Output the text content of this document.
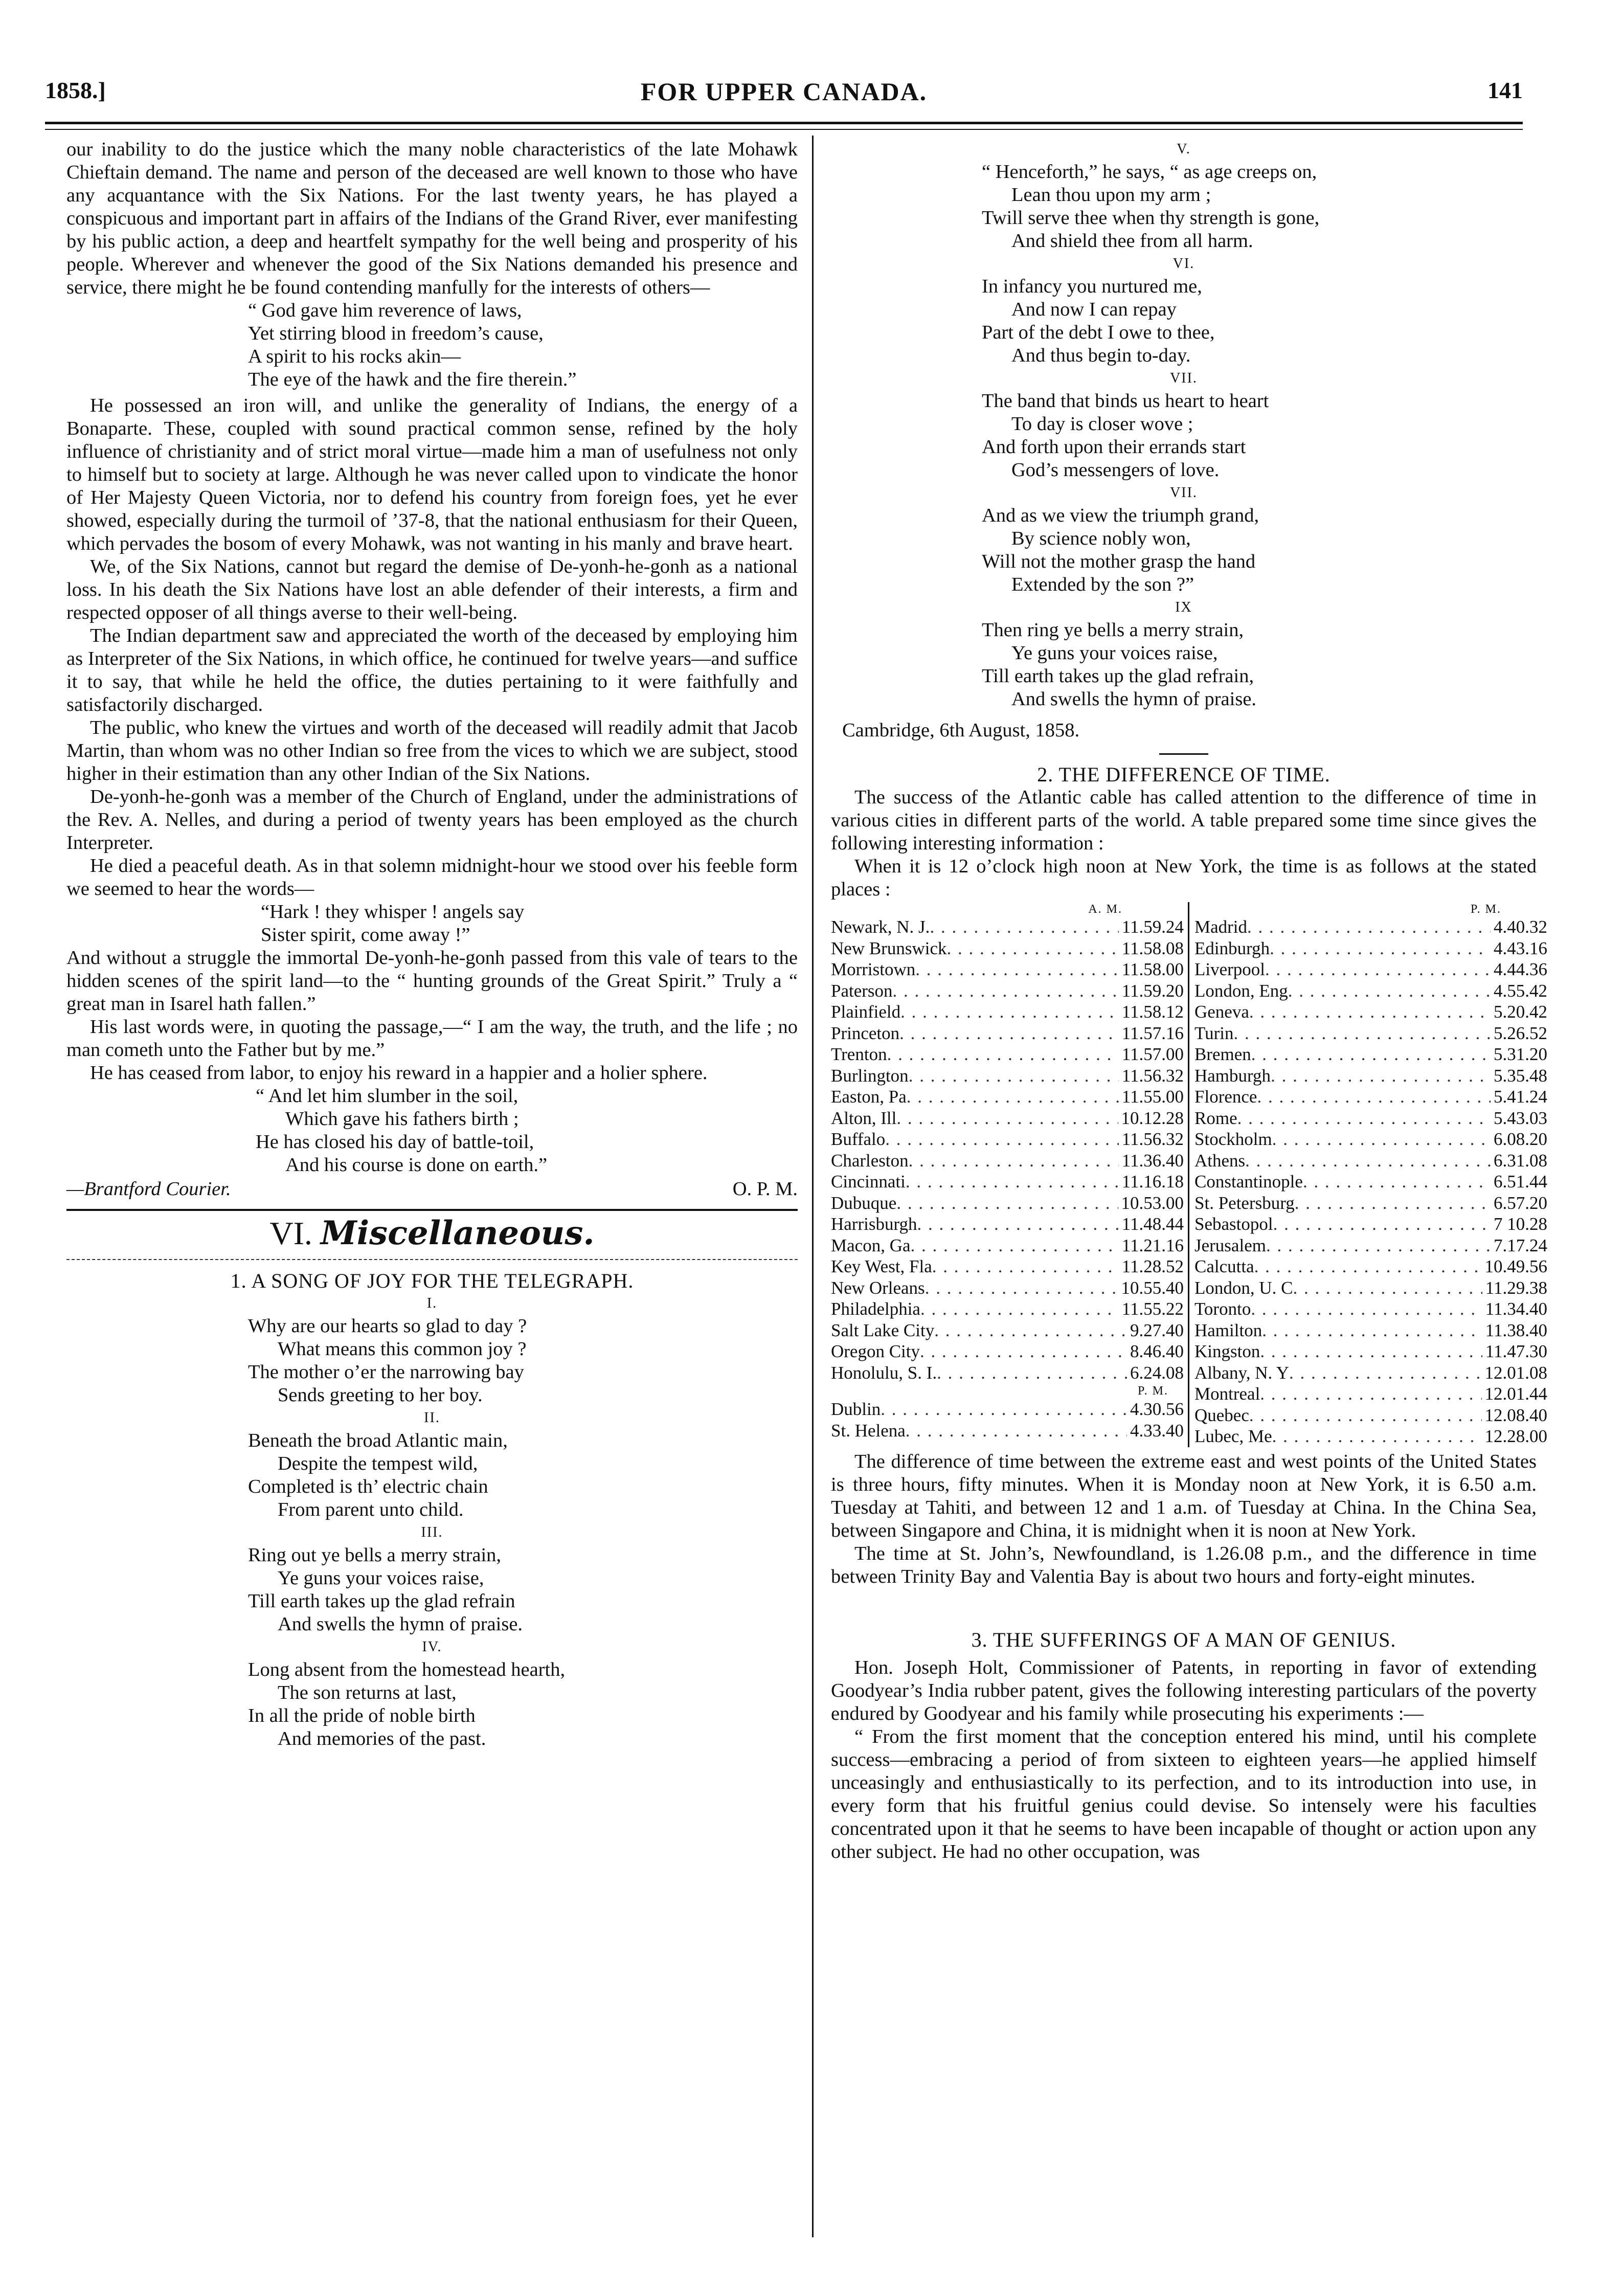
1858.]	FOR UPPER CANADA.	141

our inability to do the justice which the many noble characteristics of the late Mohawk Chieftain demand. The name and person of the deceased are well known to those who have any acquantance with the Six Nations. For the last twenty years, he has played a conspicuous and important part in affairs of the Indians of the Grand River, ever manifesting by his public action, a deep and heartfelt sympathy for the well being and prosperity of his people. Wherever and whenever the good of the Six Nations demanded his presence and service, there might he be found contending manfully for the interests of others—

“ God gave him reverence of laws,
Yet stirring blood in freedom’s cause,
A spirit to his rocks akin—
The eye of the hawk and the fire therein.”

He possessed an iron will, and unlike the generality of Indians, the energy of a Bonaparte. These, coupled with sound practical common sense, refined by the holy influence of christianity and of strict moral virtue—made him a man of usefulness not only to himself but to society at large. Although he was never called upon to vindicate the honor of Her Majesty Queen Victoria, nor to defend his country from foreign foes, yet he ever showed, especially during the turmoil of ’37-8, that the national enthusiasm for their Queen, which pervades the bosom of every Mohawk, was not wanting in his manly and brave heart.

We, of the Six Nations, cannot but regard the demise of De-yonh-he-gonh as a national loss. In his death the Six Nations have lost an able defender of their interests, a firm and respected opposer of all things averse to their well-being.

The Indian department saw and appreciated the worth of the deceased by employing him as Interpreter of the Six Nations, in which office, he continued for twelve years—and suffice it to say, that while he held the office, the duties pertaining to it were faithfully and satisfactorily discharged.

The public, who knew the virtues and worth of the deceased will readily admit that Jacob Martin, than whom was no other Indian so free from the vices to which we are subject, stood higher in their estimation than any other Indian of the Six Nations.

De-yonh-he-gonh was a member of the Church of England, under the administrations of the Rev. A. Nelles, and during a period of twenty years has been employed as the church Interpreter.

He died a peaceful death. As in that solemn midnight-hour we stood over his feeble form we seemed to hear the words—

“Hark ! they whisper ! angels say
Sister spirit, come away !”

And without a struggle the immortal De-yonh-he-gonh passed from this vale of tears to the hidden scenes of the spirit land—to the “ hunting grounds of the Great Spirit.” Truly a “ great man in Isarel hath fallen.”

His last words were, in quoting the passage,—“ I am the way, the truth, and the life ; no man cometh unto the Father but by me.”

He has ceased from labor, to enjoy his reward in a happier and a holier sphere.

“ And let him slumber in the soil,
Which gave his fathers birth ;
He has closed his day of battle-toil,
And his course is done on earth.”
—Brantford Courier.	O. P. M.
VI. Miscellaneous.
1. A SONG OF JOY FOR THE TELEGRAPH.
I.
Why are our hearts so glad to day ?
What means this common joy ?
The mother o’er the narrowing bay
Sends greeting to her boy.
II.
Beneath the broad Atlantic main,
Despite the tempest wild,
Completed is th’ electric chain
From parent unto child.
III.
Ring out ye bells a merry strain,
Ye guns your voices raise,
Till earth takes up the glad refrain
And swells the hymn of praise.
IV.
Long absent from the homestead hearth,
The son returns at last,
In all the pride of noble birth
And memories of the past.
V.
“ Henceforth,” he says, “ as age creeps on,
Lean thou upon my arm ;
Twill serve thee when thy strength is gone,
And shield thee from all harm.
VI.
In infancy you nurtured me,
And now I can repay
Part of the debt I owe to thee,
And thus begin to-day.
VII.
The band that binds us heart to heart
To day is closer wove ;
And forth upon their errands start
God’s messengers of love.
VII.
And as we view the triumph grand,
By science nobly won,
Will not the mother grasp the hand
Extended by the son ?”
IX
Then ring ye bells a merry strain,
Ye guns your voices raise,
Till earth takes up the glad refrain,
And swells the hymn of praise.

Cambridge, 6th August, 1858.

2. THE DIFFERENCE OF TIME.

The success of the Atlantic cable has called attention to the difference of time in various cities in different parts of the world. A table prepared some time since gives the following interesting information :

When it is 12 o’clock high noon at New York, the time is as follows at the stated places :

A. M.
Newark, N. J. . . .	11.59.24
New Brunswick . . .	11.58.08
Morristown . . .	11.58.00
Paterson . . .	11.59.20
Plainfield . . .	11.58.12
Princeton . . .	11.57.16
Trenton . . .	11.57.00
Burlington . . .	11.56.32
Easton, Pa . . .	11.55.00
Alton, Ill . . .	10.12.28
Buffalo . . .	11.56.32
Charleston . . .	11.36.40
Cincinnati . . .	11.16.18
Dubuque . . .	10.53.00
Harrisburgh . . .	11.48.44
Macon, Ga . . .	11.21.16
Key West, Fla . . .	11.28.52
New Orleans . . .	10.55.40
Philadelphia . . .	11.55.22
Salt Lake City . . .	9.27.40
Oregon City . . .	8.46.40
Honolulu, S. I. . . .	6.24.08
P. M.
Dublin . . .	4.30.56
St. Helena . . .	4.33.40
P. M.
Madrid . . .	4.40.32
Edinburgh . . .	4.43.16
Liverpool . . .	4.44.36
London, Eng . . .	4.55.42
Geneva . . .	5.20.42
Turin . . .	5.26.52
Bremen . . .	5.31.20
Hamburgh . . .	5.35.48
Florence . . .	5.41.24
Rome . . .	5.43.03
Stockholm . . .	6.08.20
Athens . . .	6.31.08
Constantinople . . .	6.51.44
St. Petersburg . . .	6.57.20
Sebastopol . . .	7 10.28
Jerusalem . . .	7.17.24
Calcutta . . .	10.49.56
London, U. C . . .	11.29.38
Toronto . . .	11.34.40
Hamilton . . .	11.38.40
Kingston . . .	11.47.30
Albany, N. Y . . .	12.01.08
Montreal . . .	12.01.44
Quebec . . .	12.08.40
Lubec, Me . . .	12.28.00

The difference of time between the extreme east and west points of the United States is three hours, fifty minutes. When it is Monday noon at New York, it is 6.50 a.m. Tuesday at Tahiti, and between 12 and 1 a.m. of Tuesday at China. In the China Sea, between Singapore and China, it is midnight when it is noon at New York.

The time at St. John’s, Newfoundland, is 1.26.08 p.m., and the difference in time between Trinity Bay and Valentia Bay is about two hours and forty-eight minutes.

3. THE SUFFERINGS OF A MAN OF GENIUS.

Hon. Joseph Holt, Commissioner of Patents, in reporting in favor of extending Goodyear’s India rubber patent, gives the following interesting particulars of the poverty endured by Goodyear and his family while prosecuting his experiments :—

“ From the first moment that the conception entered his mind, until his complete success—embracing a period of from sixteen to eighteen years—he applied himself unceasingly and enthusiastically to its perfection, and to its introduction into use, in every form that his fruitful genius could devise. So intensely were his faculties concentrated upon it that he seems to have been incapable of thought or action upon any other subject. He had no other occupation, was
